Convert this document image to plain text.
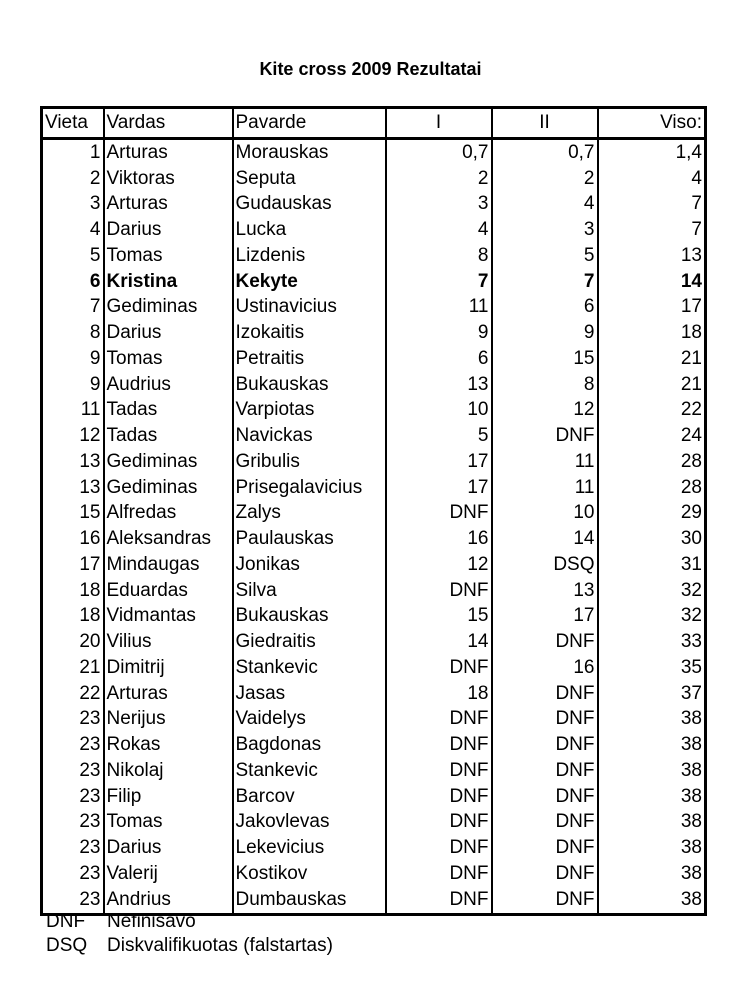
Kite cross 2009 Rezultatai
Vieta	Vardas	Pavarde	I	II	Viso:
1	Arturas	Morauskas	0,7	0,7	1,4
2	Viktoras	Seputa	2	2	4
3	Arturas	Gudauskas	3	4	7
4	Darius	Lucka	4	3	7
5	Tomas	Lizdenis	8	5	13
6	Kristina	Kekyte	7	7	14
7	Gediminas	Ustinavicius	11	6	17
8	Darius	Izokaitis	9	9	18
9	Tomas	Petraitis	6	15	21
9	Audrius	Bukauskas	13	8	21
11	Tadas	Varpiotas	10	12	22
12	Tadas	Navickas	5	DNF	24
13	Gediminas	Gribulis	17	11	28
13	Gediminas	Prisegalavicius	17	11	28
15	Alfredas	Zalys	DNF	10	29
16	Aleksandras	Paulauskas	16	14	30
17	Mindaugas	Jonikas	12	DSQ	31
18	Eduardas	Silva	DNF	13	32
18	Vidmantas	Bukauskas	15	17	32
20	Vilius	Giedraitis	14	DNF	33
21	Dimitrij	Stankevic	DNF	16	35
22	Arturas	Jasas	18	DNF	37
23	Nerijus	Vaidelys	DNF	DNF	38
23	Rokas	Bagdonas	DNF	DNF	38
23	Nikolaj	Stankevic	DNF	DNF	38
23	Filip	Barcov	DNF	DNF	38
23	Tomas	Jakovlevas	DNF	DNF	38
23	Darius	Lekevicius	DNF	DNF	38
23	Valerij	Kostikov	DNF	DNF	38
23	Andrius	Dumbauskas	DNF	DNF	38
DNF	Nefinisavo
DSQ	Diskvalifikuotas (falstartas)
